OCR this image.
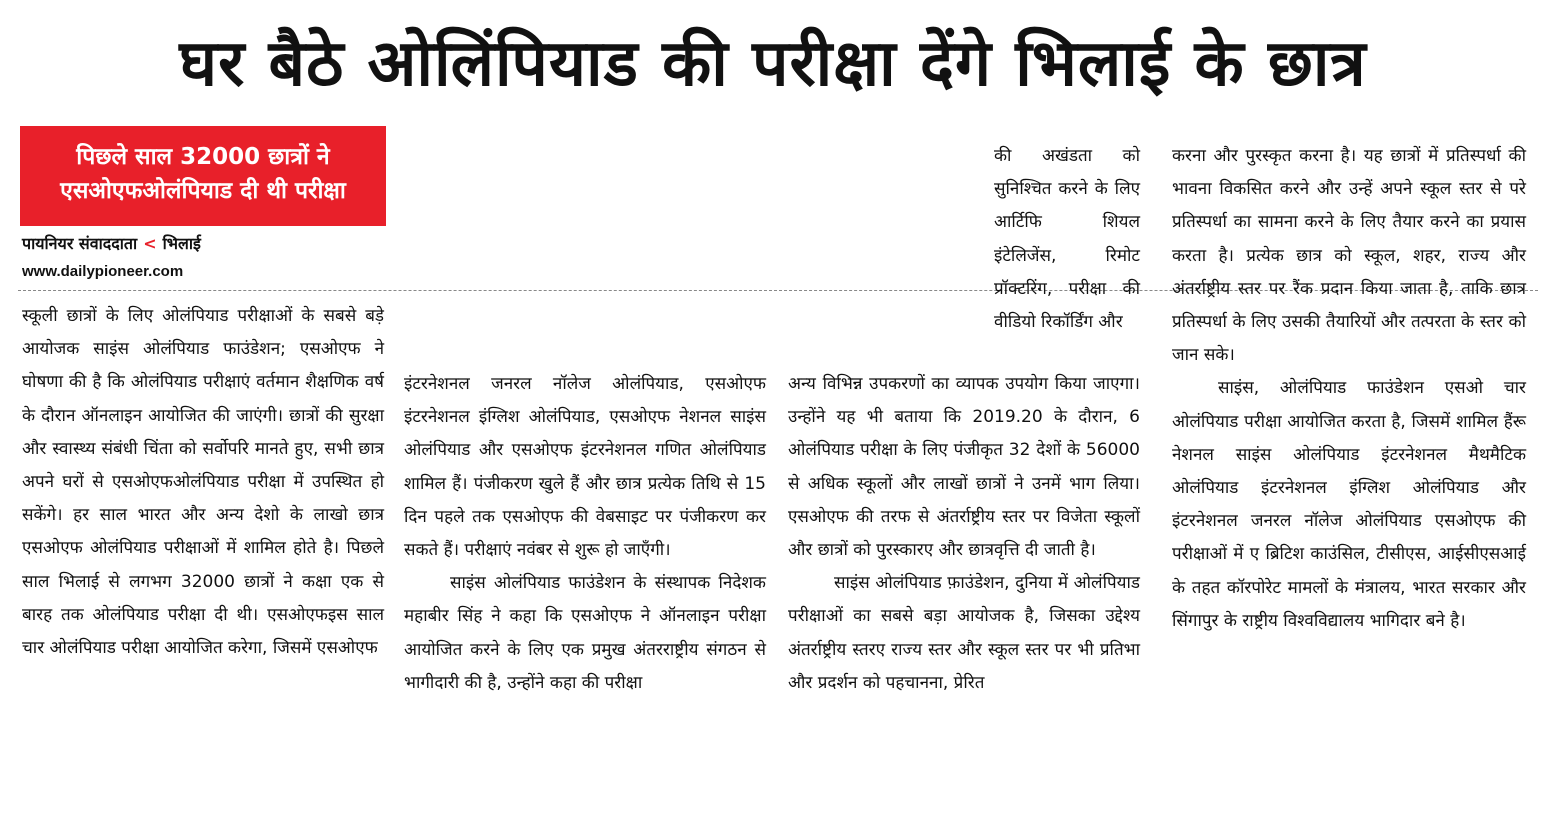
घर बैठे ओलिंपियाड की परीक्षा देंगे भिलाई के छात्र
पिछले साल 32000 छात्रों ने
एसओएफओलंपियाड दी थी परीक्षा
पायनियर संवाददाता < भिलाई
www.dailypioneer.com

स्कूली छात्रों के लिए ओलंपियाड परीक्षाओं के सबसे बड़े आयोजक साइंस ओलंपियाड फाउंडेशन; एसओएफ ने घोषणा की है कि ओलंपियाड परीक्षाएं वर्तमान शैक्षणिक वर्ष के दौरान ऑनलाइन आयोजित की जाएंगी। छात्रों की सुरक्षा और स्वास्थ्य संबंधी चिंता को सर्वोपरि मानते हुए, सभी छात्र अपने घरों से एसओएफओलंपियाड परीक्षा में उपस्थित हो सकेंगे। हर साल भारत और अन्य देशो के लाखो छात्र एसओएफ ओलंपियाड परीक्षाओं में शामिल होते है। पिछले साल भिलाई से लगभग 32000 छात्रों ने कक्षा एक से बारह तक ओलंपियाड परीक्षा दी थी। एसओएफइस साल चार ओलंपियाड परीक्षा आयोजित करेगा, जिसमें एसओएफ

इंटरनेशनल जनरल नॉलेज ओलंपियाड, एसओएफ इंटरनेशनल इंग्लिश ओलंपियाड, एसओएफ नेशनल साइंस ओलंपियाड और एसओएफ इंटरनेशनल गणित ओलंपियाड शामिल हैं। पंजीकरण खुले हैं और छात्र प्रत्येक तिथि से 15 दिन पहले तक एसओएफ की वेबसाइट पर पंजीकरण कर सकते हैं। परीक्षाएं नवंबर से शुरू हो जाएँगी।

साइंस ओलंपियाड फाउंडेशन के संस्थापक निदेशक महाबीर सिंह ने कहा कि एसओएफ ने ऑनलाइन परीक्षा आयोजित करने के लिए एक प्रमुख अंतरराष्ट्रीय संगठन से भागीदारी की है, उन्होंने कहा की परीक्षा

की अखंडता को सुनिश्चित करने के लिए आर्टिफि शियल इंटेलिजेंस, रिमोट प्रॉक्टरिंग, परीक्षा की वीडियो रिकॉर्डिंग और

अन्य विभिन्न उपकरणों का व्यापक उपयोग किया जाएगा। उन्होंने यह भी बताया कि 2019.20 के दौरान, 6 ओलंपियाड परीक्षा के लिए पंजीकृत 32 देशों के 56000 से अधिक स्कूलों और लाखों छात्रों ने उनमें भाग लिया। एसओएफ की तरफ से अंतर्राष्ट्रीय स्तर पर विजेता स्कूलों और छात्रों को पुरस्कारए और छात्रवृत्ति दी जाती है।

साइंस ओलंपियाड फ़ाउंडेशन, दुनिया में ओलंपियाड परीक्षाओं का सबसे बड़ा आयोजक है, जिसका उद्देश्य अंतर्राष्ट्रीय स्तरए राज्य स्तर और स्कूल स्तर पर भी प्रतिभा और प्रदर्शन को पहचानना, प्रेरित

करना और पुरस्कृत करना है। यह छात्रों में प्रतिस्पर्धा की भावना विकसित करने और उन्हें अपने स्कूल स्तर से परे प्रतिस्पर्धा का सामना करने के लिए तैयार करने का प्रयास करता है। प्रत्येक छात्र को स्कूल, शहर, राज्य और अंतर्राष्ट्रीय स्तर पर रैंक प्रदान किया जाता है, ताकि छात्र प्रतिस्पर्धा के लिए उसकी तैयारियों और तत्परता के स्तर को जान सके।

साइंस, ओलंपियाड फाउंडेशन एसओ चार ओलंपियाड परीक्षा आयोजित करता है, जिसमें शामिल हैंरू नेशनल साइंस ओलंपियाड इंटरनेशनल मैथमैटिक ओलंपियाड इंटरनेशनल इंग्लिश ओलंपियाड और इंटरनेशनल जनरल नॉलेज ओलंपियाड एसओएफ की परीक्षाओं में ए ब्रिटिश काउंसिल, टीसीएस, आईसीएसआई के तहत कॉरपोरेट मामलों के मंत्रालय, भारत सरकार और सिंगापुर के राष्ट्रीय विश्वविद्यालय भागिदार बने है।
